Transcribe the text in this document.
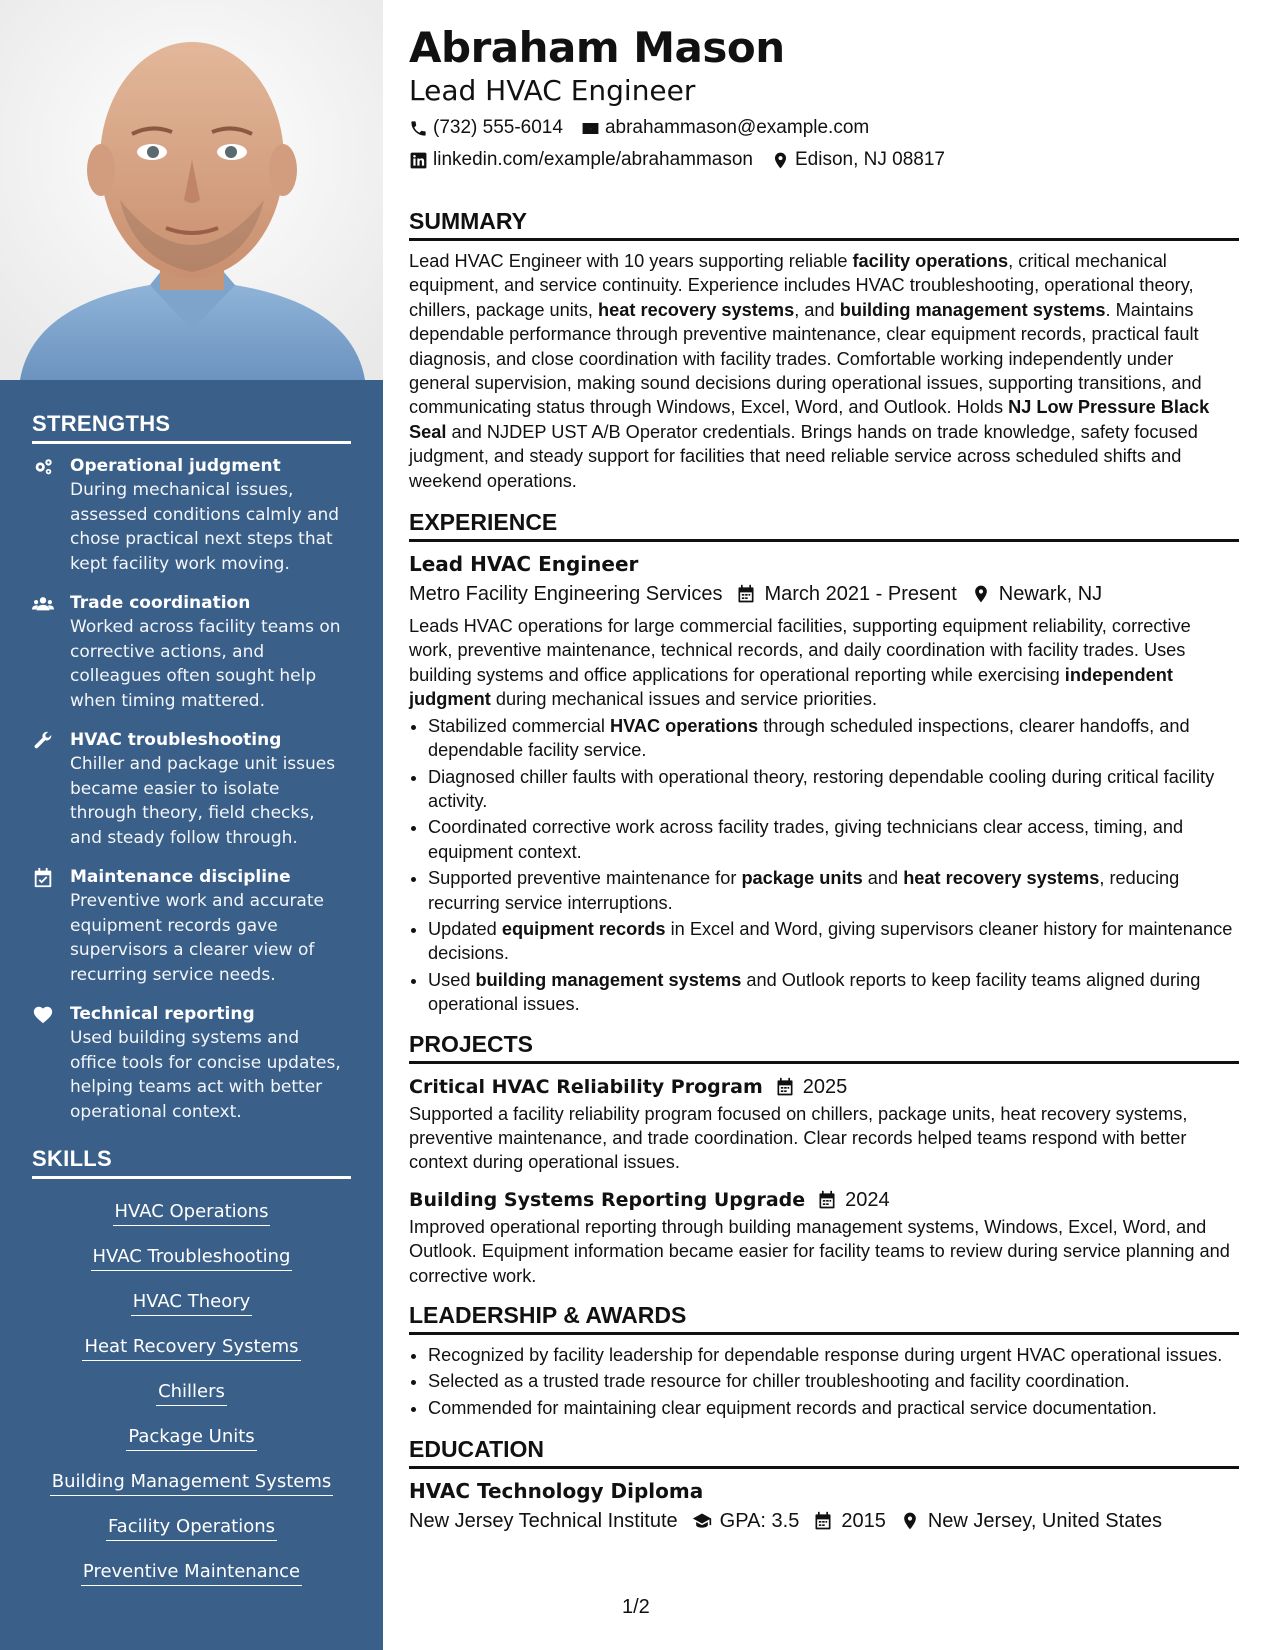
STRENGTHS
Operational judgment
During mechanical issues, assessed conditions calmly and chose practical next steps that kept facility work moving.
Trade coordination
Worked across facility teams on corrective actions, and colleagues often sought help when timing mattered.
HVAC troubleshooting
Chiller and package unit issues became easier to isolate through theory, field checks, and steady follow through.
Maintenance discipline
Preventive work and accurate equipment records gave supervisors a clearer view of recurring service needs.
Technical reporting
Used building systems and office tools for concise updates, helping teams act with better operational context.
SKILLS
HVAC Operations
HVAC Troubleshooting
HVAC Theory
Heat Recovery SystemsChillers
Package Units
Building Management Systems
Facility Operations
Preventive Maintenance
Abraham Mason
Lead HVAC Engineer
(732) 555-6014 abrahammason@example.com
linkedin.com/example/abrahammason Edison, NJ 08817
SUMMARY
Lead HVAC Engineer with 10 years supporting reliable facility operations, critical mechanical equipment, and service continuity. Experience includes HVAC troubleshooting, operational theory, chillers, package units, heat recovery systems, and building management systems. Maintains dependable performance through preventive maintenance, clear equipment records, practical fault diagnosis, and close coordination with facility trades. Comfortable working independently under general supervision, making sound decisions during operational issues, supporting transitions, and communicating status through Windows, Excel, Word, and Outlook. Holds NJ Low Pressure Black Seal and NJDEP UST A/B Operator credentials. Brings hands on trade knowledge, safety focused judgment, and steady support for facilities that need reliable service across scheduled shifts and weekend operations.
EXPERIENCE
Lead HVAC Engineer
Metro Facility Engineering Services March 2021 - Present Newark, NJ
Leads HVAC operations for large commercial facilities, supporting equipment reliability, corrective work, preventive maintenance, technical records, and daily coordination with facility trades. Uses building systems and office applications for operational reporting while exercising independent judgment during mechanical issues and service priorities.
• Stabilized commercial HVAC operations through scheduled inspections, clearer handoffs, and dependable facility service.
• Diagnosed chiller faults with operational theory, restoring dependable cooling during critical facility activity.
• Coordinated corrective work across facility trades, giving technicians clear access, timing, and equipment context.
• Supported preventive maintenance for package units and heat recovery systems, reducing recurring service interruptions.
• Updated equipment records in Excel and Word, giving supervisors cleaner history for maintenance decisions.
• Used building management systems and Outlook reports to keep facility teams aligned during operational issues.
PROJECTS
Critical HVAC Reliability Program 2025
Supported a facility reliability program focused on chillers, package units, heat recovery systems, preventive maintenance, and trade coordination. Clear records helped teams respond with better context during operational issues.
Building Systems Reporting Upgrade 2024
Improved operational reporting through building management systems, Windows, Excel, Word, and Outlook. Equipment information became easier for facility teams to review during service planning and corrective work.
LEADERSHIP & AWARDS
• Recognized by facility leadership for dependable response during urgent HVAC operational issues.
• Selected as a trusted trade resource for chiller troubleshooting and facility coordination.
• Commended for maintaining clear equipment records and practical service documentation.
EDUCATION
HVAC Technology Diploma
New Jersey Technical Institute GPA: 3.5 2015 New Jersey, United States
1/2
